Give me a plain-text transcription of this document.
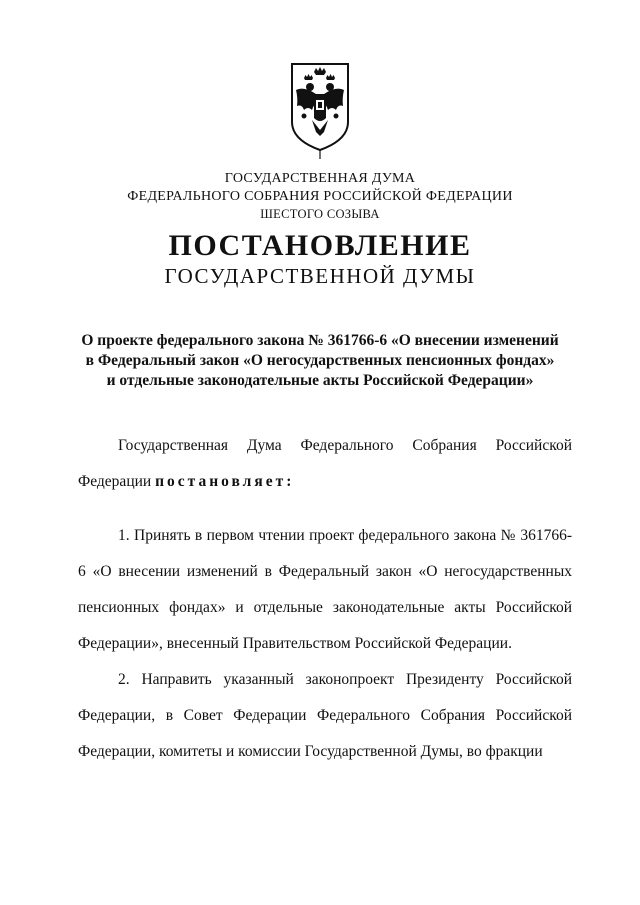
ГОСУДАРСТВЕННАЯ ДУМА
ФЕДЕРАЛЬНОГО СОБРАНИЯ РОССИЙСКОЙ ФЕДЕРАЦИИ
ШЕСТОГО СОЗЫВА
ПОСТАНОВЛЕНИЕ
ГОСУДАРСТВЕННОЙ ДУМЫ
О проекте федерального закона № 361766-6 «О внесении изменений
в Федеральный закон «О негосударственных пенсионных фондах»
и отдельные законодательные акты Российской Федерации»

Государственная Дума Федерального Собрания Российской Федерации постановляет:

1. Принять в первом чтении проект федерального закона № 361766-6 «О внесении изменений в Федеральный закон «О негосударственных пенсионных фондах» и отдельные законодательные акты Российской Федерации», внесенный Правительством Российской Федерации.

2. Направить указанный законопроект Президенту Российской Федерации, в Совет Федерации Федерального Собрания Российской Федерации, комитеты и комиссии Государственной Думы, во фракции
